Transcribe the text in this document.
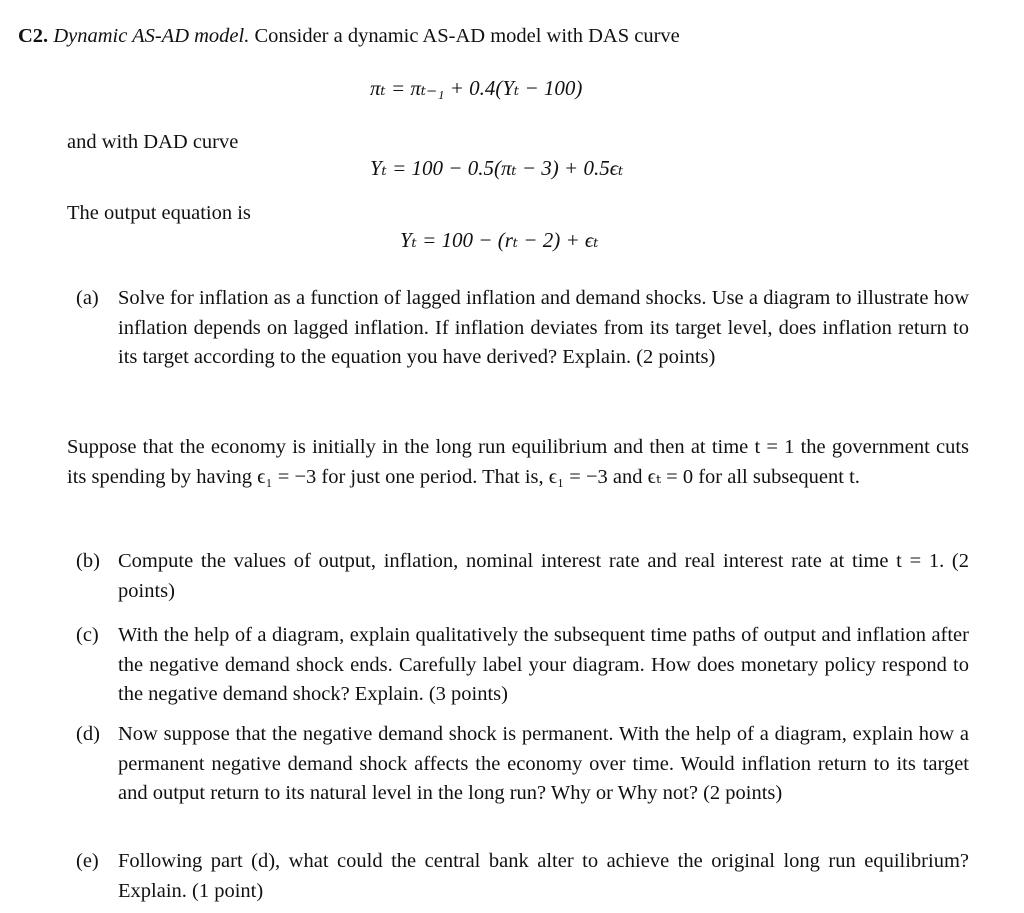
C2. Dynamic AS-AD model. Consider a dynamic AS-AD model with DAS curve
πₜ = πₜ₋₁ + 0.4(Yₜ − 100)
and with DAD curve
Yₜ = 100 − 0.5(πₜ − 3) + 0.5ϵₜ
The output equation is
Yₜ = 100 − (rₜ − 2) + ϵₜ
(a) Solve for inflation as a function of lagged inflation and demand shocks. Use a diagram to illustrate how inflation depends on lagged inflation. If inflation deviates from its target level, does inflation return to its target according to the equation you have derived? Explain. (2 points)
Suppose that the economy is initially in the long run equilibrium and then at time t = 1 the government cuts its spending by having ϵ₁ = −3 for just one period. That is, ϵ₁ = −3 and ϵₜ = 0 for all subsequent t.
(b) Compute the values of output, inflation, nominal interest rate and real interest rate at time t = 1. (2 points)
(c) With the help of a diagram, explain qualitatively the subsequent time paths of output and inflation after the negative demand shock ends. Carefully label your diagram. How does monetary policy respond to the negative demand shock? Explain. (3 points)
(d) Now suppose that the negative demand shock is permanent. With the help of a diagram, explain how a permanent negative demand shock affects the economy over time. Would inflation return to its target and output return to its natural level in the long run? Why or Why not? (2 points)
(e) Following part (d), what could the central bank alter to achieve the original long run equilibrium? Explain. (1 point)
